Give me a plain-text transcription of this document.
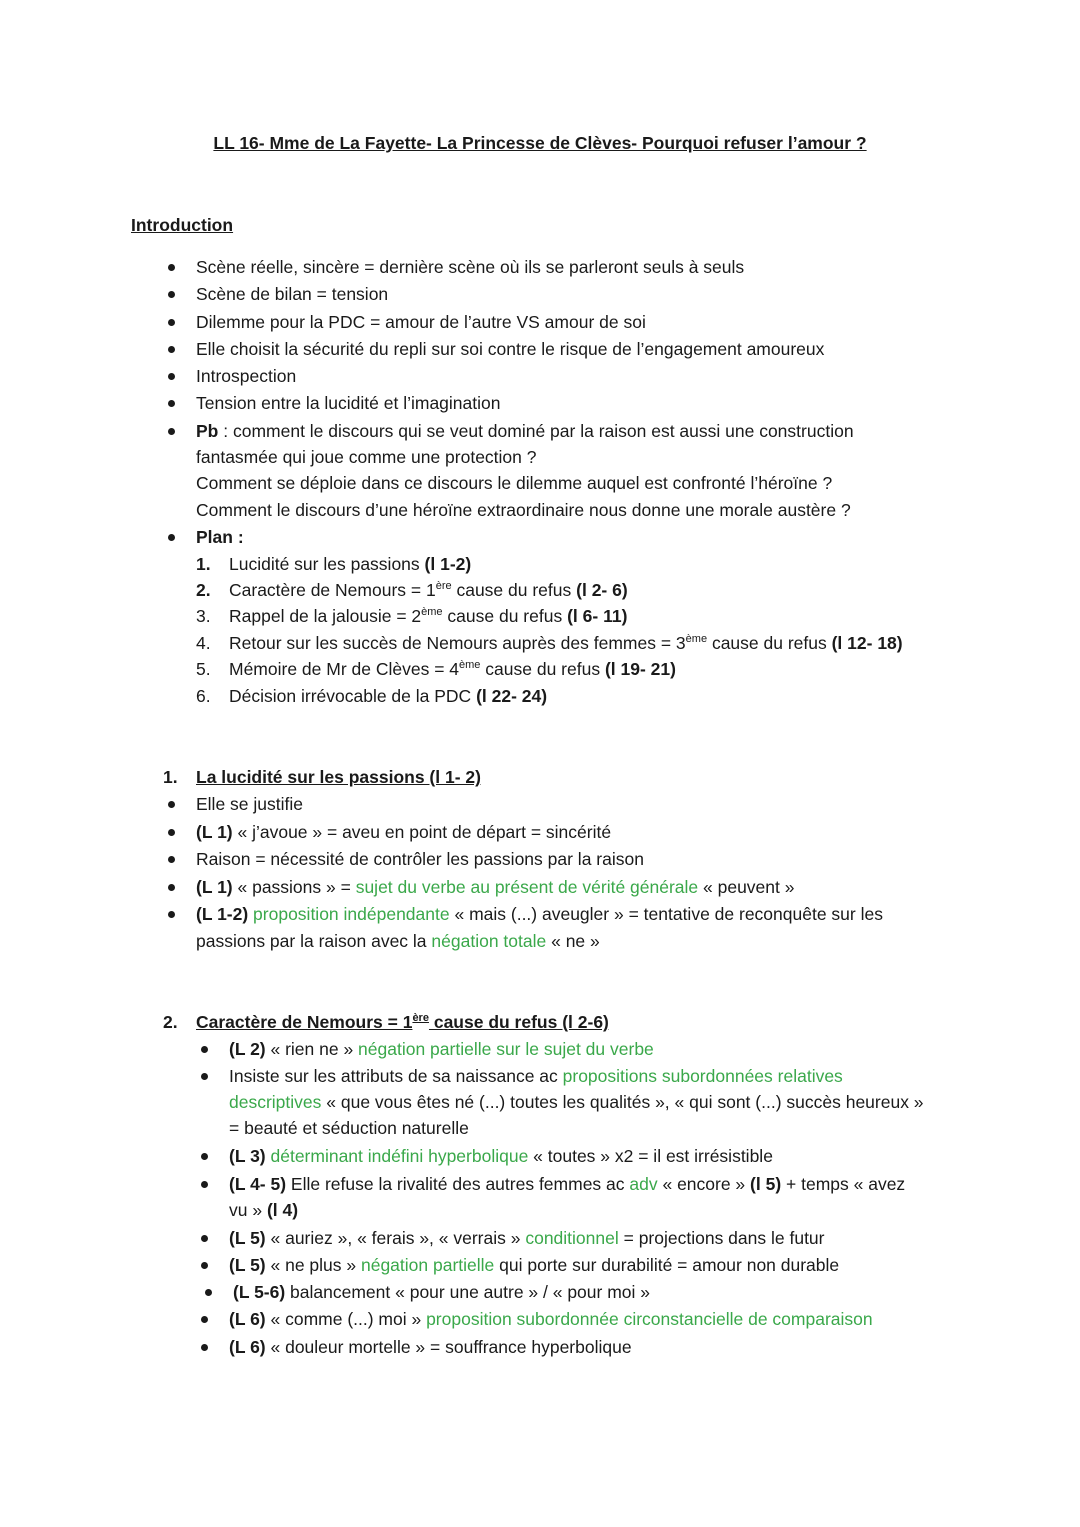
LL 16- Mme de La Fayette- La Princesse de Clèves- Pourquoi refuser l’amour ?
Introduction
Scène réelle, sincère = dernière scène où ils se parleront seuls à seuls
Scène de bilan = tension
Dilemme pour la PDC = amour de l’autre VS amour de soi
Elle choisit la sécurité du repli sur soi contre le risque de l’engagement amoureux
Introspection
Tension entre la lucidité et l’imagination
Pb : comment le discours qui se veut dominé par la raison est aussi une construction
fantasmée qui joue comme une protection ?
Comment se déploie dans ce discours le dilemme auquel est confronté l’héroïne ?
Comment le discours d’une héroïne extraordinaire nous donne une morale austère ?
Plan :
1. Lucidité sur les passions (l 1-2)
2. Caractère de Nemours = 1ère cause du refus (l 2- 6)
3. Rappel de la jalousie = 2ème cause du refus (l 6- 11)
4. Retour sur les succès de Nemours auprès des femmes = 3ème cause du refus (l 12- 18)
5. Mémoire de Mr de Clèves = 4ème cause du refus (l 19- 21)
6. Décision irrévocable de la PDC (l 22- 24)
1. La lucidité sur les passions (l 1- 2)
Elle se justifie
(L 1) « j’avoue » = aveu en point de départ = sincérité
Raison = nécessité de contrôler les passions par la raison
(L 1) « passions » = sujet du verbe au présent de vérité générale « peuvent »
(L 1-2) proposition indépendante « mais (...) aveugler » = tentative de reconquête sur les
passions par la raison avec la négation totale « ne »
2. Caractère de Nemours = 1ère cause du refus (l 2-6)
(L 2) « rien ne » négation partielle sur le sujet du verbe
Insiste sur les attributs de sa naissance ac propositions subordonnées relatives
descriptives « que vous êtes né (...) toutes les qualités », « qui sont (...) succès heureux »
= beauté et séduction naturelle
(L 3) déterminant indéfini hyperbolique « toutes » x2 = il est irrésistible
(L 4- 5) Elle refuse la rivalité des autres femmes ac adv « encore » (l 5) + temps « avez
vu » (l 4)
(L 5) « auriez », « ferais », « verrais » conditionnel = projections dans le futur
(L 5) « ne plus » négation partielle qui porte sur durabilité = amour non durable
(L 5-6) balancement « pour une autre » / « pour moi »
(L 6) « comme (...) moi » proposition subordonnée circonstancielle de comparaison
(L 6) « douleur mortelle » = souffrance hyperbolique
